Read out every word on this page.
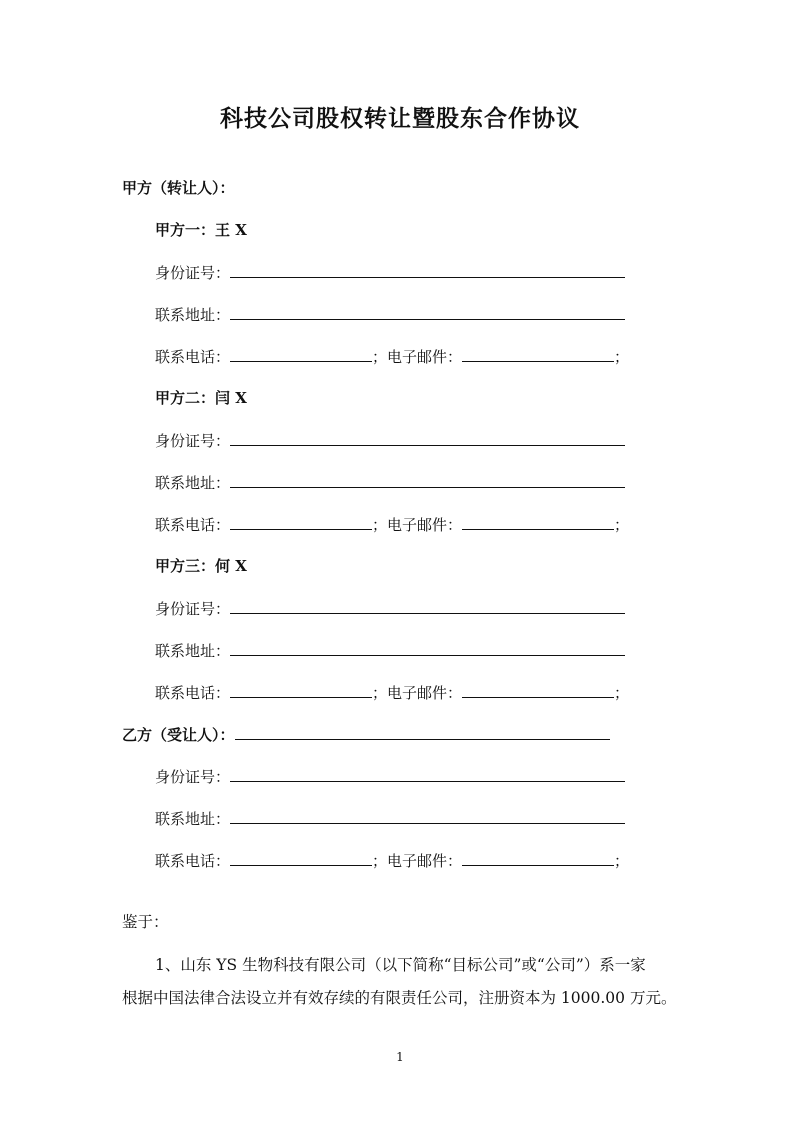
科技公司股权转让暨股东合作协议
甲方（转让人）：
甲方一：王 X
身份证号：
联系地址：
联系电话：	；电子邮件：	；
甲方二：闫 X
身份证号：
联系地址：
联系电话：	；电子邮件：	；
甲方三：何 X
身份证号：
联系地址：
联系电话：	；电子邮件：	；
乙方（受让人）：
身份证号：
联系地址：
联系电话：	；电子邮件：	；
鉴于：
1、山东 YS 生物科技有限公司（以下简称“目标公司”或“公司”）系一家
根据中国法律合法设立并有效存续的有限责任公司，注册资本为 1000.00 万元。
1
